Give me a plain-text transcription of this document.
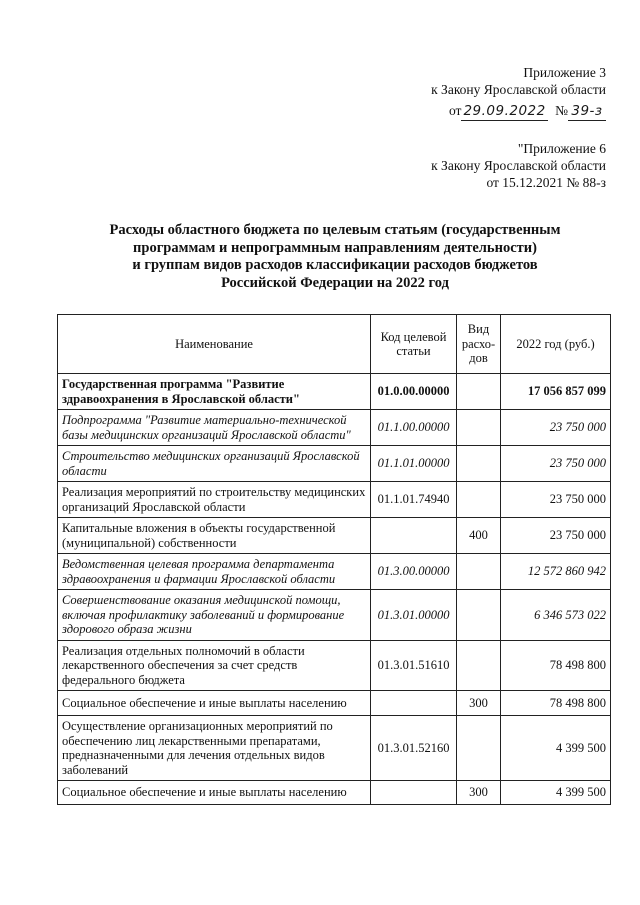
Приложение 3
к Закону Ярославской области
от 29.09.2022 № 39-з
"Приложение 6
к Закону Ярославской области
от 15.12.2021 № 88-з
Расходы областного бюджета по целевым статьям (государственным
программам и непрограммным направлениям деятельности)
и группам видов расходов классификации расходов бюджетов
Российской Федерации на 2022 год
Наименование	Код целевой статьи	Вид расхо-дов	2022 год (руб.)
Государственная программа "Развитие здравоохранения в Ярославской области"	01.0.00.00000		17 056 857 099
Подпрограмма "Развитие материально-технической базы медицинских организаций Ярославской области"	01.1.00.00000		23 750 000
Строительство медицинских организаций Ярославской области	01.1.01.00000		23 750 000
Реализация мероприятий по строительству медицинских организаций Ярославской области	01.1.01.74940		23 750 000
Капитальные вложения в объекты государственной (муниципальной) собственности		400	23 750 000
Ведомственная целевая программа департамента здравоохранения и фармации Ярославской области	01.3.00.00000		12 572 860 942
Совершенствование оказания медицинской помощи, включая профилактику заболеваний и формирование здорового образа жизни	01.3.01.00000		6 346 573 022
Реализация отдельных полномочий в области лекарственного обеспечения за счет средств федерального бюджета	01.3.01.51610		78 498 800
Социальное обеспечение и иные выплаты населению		300	78 498 800
Осуществление организационных мероприятий по обеспечению лиц лекарственными препаратами, предназначенными для лечения отдельных видов заболеваний	01.3.01.52160		4 399 500
Социальное обеспечение и иные выплаты населению		300	4 399 500
